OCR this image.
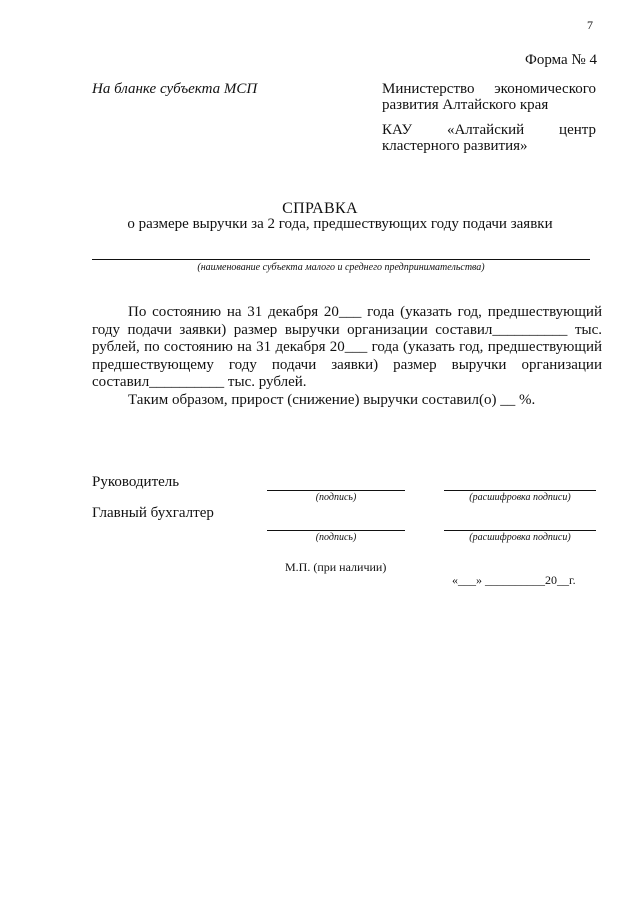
7
Форма № 4
На бланке субъекта МСП	Министерство экономического
развития Алтайского края
КАУ «Алтайский центр
кластерного развития»
СПРАВКА
о размере выручки за 2 года, предшествующих году подачи заявки
(наименование субъекта малого и среднего предпринимательства)

По состоянию на 31 декабря 20___ года (указать год, предшествующий году подачи заявки) размер выручки организации составил__________ тыс. рублей, по состоянию на 31 декабря 20___ года (указать год, предшествующий предшествующему году подачи заявки) размер выручки организации составил__________ тыс. рублей.

Таким образом, прирост (снижение) выручки составил(о) __ %.

Руководитель
(подпись)	(расшифровка подписи)
Главный бухгалтер
(подпись)	(расшифровка подписи)
М.П. (при наличии)
«___» __________20__г.
